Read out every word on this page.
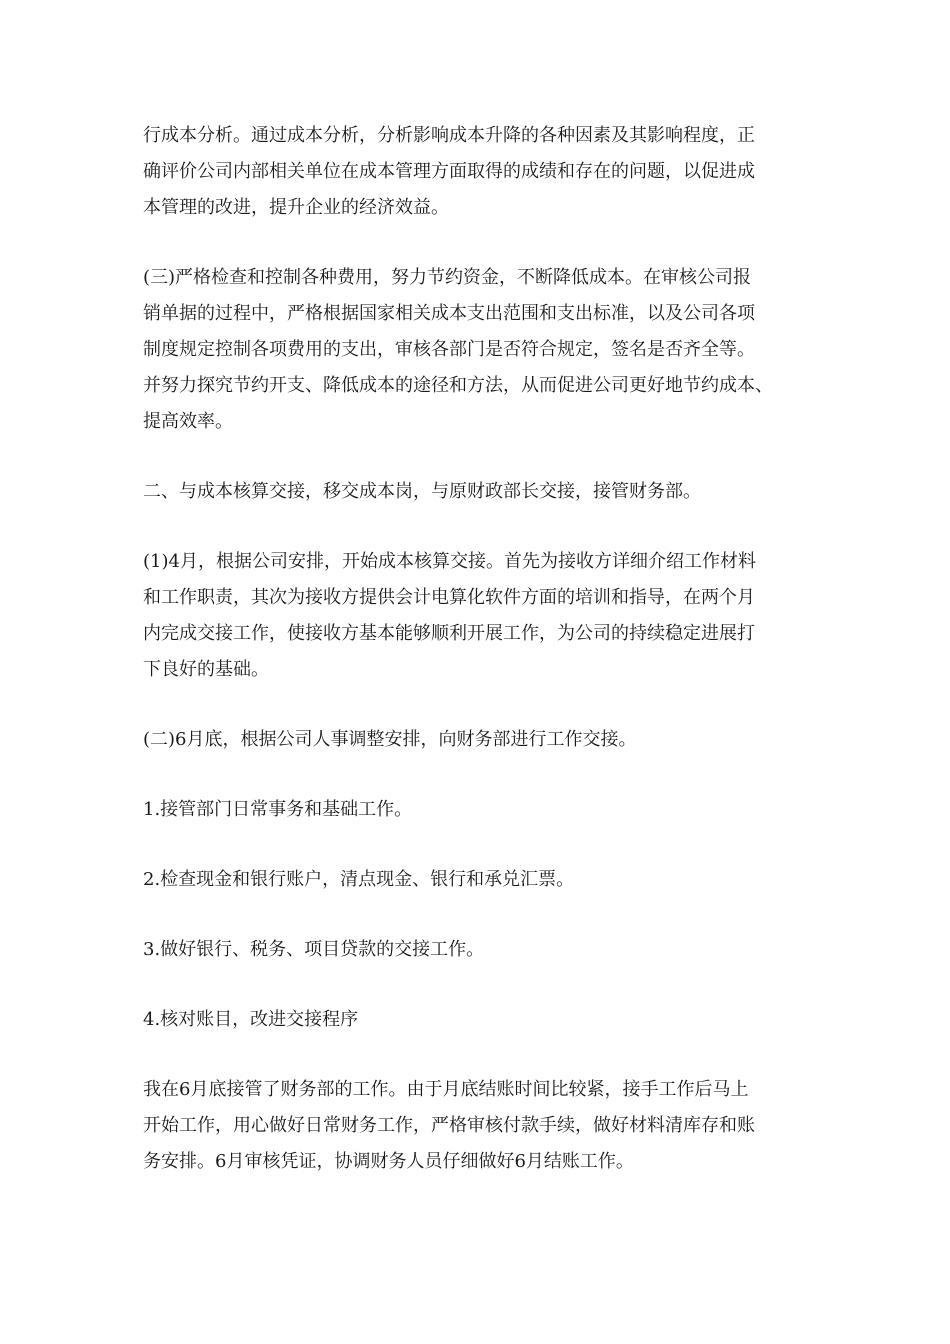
行成本分析。通过成本分析，分析影响成本升降的各种因素及其影响程度，正
确评价公司内部相关单位在成本管理方面取得的成绩和存在的问题，以促进成
本管理的改进，提升企业的经济效益。

(三)严格检查和控制各种费用，努力节约资金，不断降低成本。在审核公司报
销单据的过程中，严格根据国家相关成本支出范围和支出标准，以及公司各项
制度规定控制各项费用的支出，审核各部门是否符合规定，签名是否齐全等。
并努力探究节约开支、降低成本的途径和方法，从而促进公司更好地节约成本、
提高效率。

二、与成本核算交接，移交成本岗，与原财政部长交接，接管财务部。

(1)4月，根据公司安排，开始成本核算交接。首先为接收方详细介绍工作材料
和工作职责，其次为接收方提供会计电算化软件方面的培训和指导，在两个月
内完成交接工作，使接收方基本能够顺利开展工作，为公司的持续稳定进展打
下良好的基础。

(二)6月底，根据公司人事调整安排，向财务部进行工作交接。

1.接管部门日常事务和基础工作。

2.检查现金和银行账户，清点现金、银行和承兑汇票。

3.做好银行、税务、项目贷款的交接工作。

4.核对账目，改进交接程序

我在6月底接管了财务部的工作。由于月底结账时间比较紧，接手工作后马上
开始工作，用心做好日常财务工作，严格审核付款手续，做好材料清库存和账
务安排。6月审核凭证，协调财务人员仔细做好6月结账工作。
